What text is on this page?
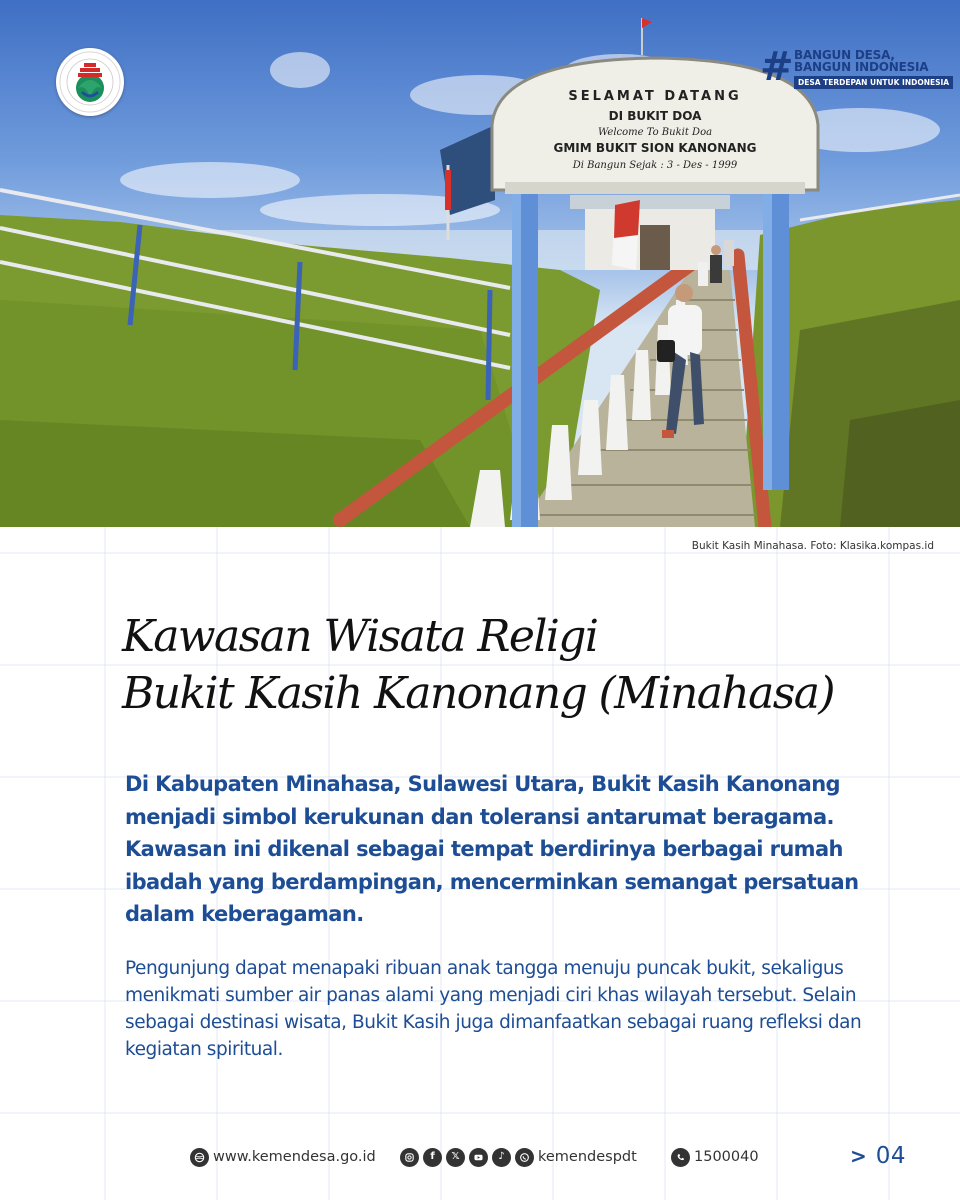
SELAMAT DATANG
DI BUKIT DOA
Welcome To Bukit Doa
GMIM BUKIT SION KANONANG
Di Bangun Sejak : 3 - Des - 1999
# BANGUN DESA,
BANGUN INDONESIA
DESA TERDEPAN UNTUK INDONESIA
Bukit Kasih Minahasa. Foto: Klasika.kompas.id
Kawasan Wisata Religi
Bukit Kasih Kanonang (Minahasa)

Di Kabupaten Minahasa, Sulawesi Utara, Bukit Kasih Kanonang menjadi simbol kerukunan dan toleransi antarumat beragama. Kawasan ini dikenal sebagai tempat berdirinya berbagai rumah ibadah yang berdampingan, mencerminkan semangat persatuan dalam keberagaman.

Pengunjung dapat menapaki ribuan anak tangga menuju puncak bukit, sekaligus menikmati sumber air panas alami yang menjadi ciri khas wilayah tersebut. Selain sebagai destinasi wisata, Bukit Kasih juga dimanfaatkan sebagai ruang refleksi dan kegiatan spiritual.

www.kemendesa.go.id	f	𝕏	♪	kemendespdt	1500040	> 04
